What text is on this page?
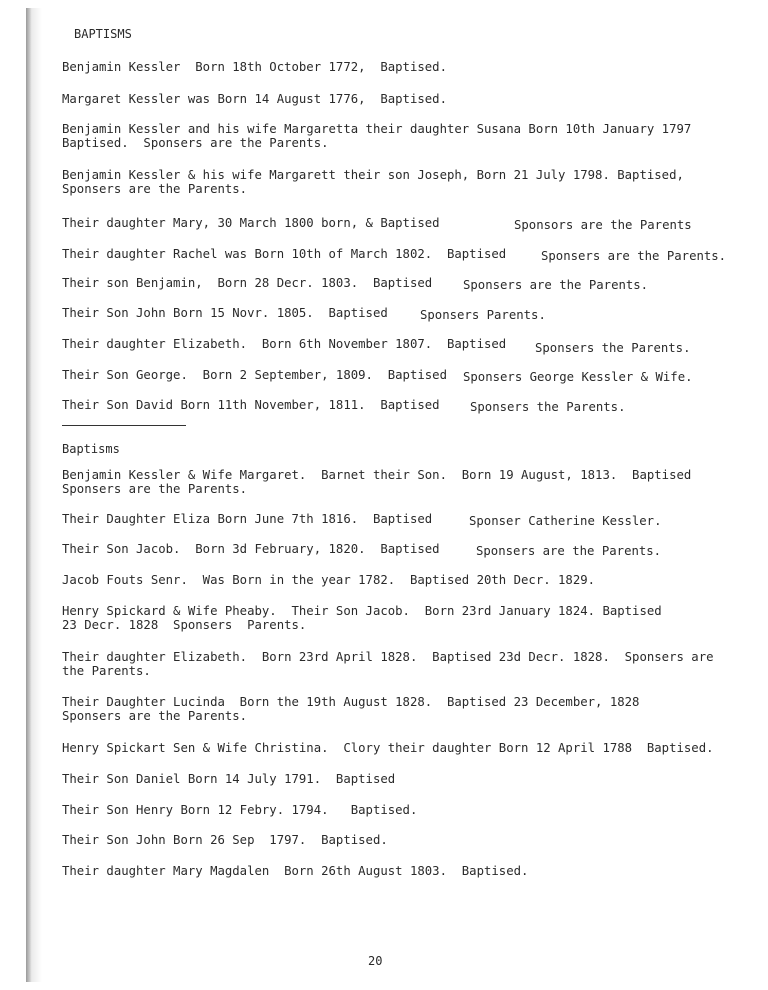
BAPTISMS
Benjamin Kessler  Born 18th October 1772,  Baptised.
Margaret Kessler was Born 14 August 1776,  Baptised.
Benjamin Kessler and his wife Margaretta their daughter Susana Born 10th January 1797
Baptised.  Sponsers are the Parents.
Benjamin Kessler & his wife Margarett their son Joseph, Born 21 July 1798. Baptised,
Sponsers are the Parents.
Their daughter Mary, 30 March 1800 born, & Baptised	Sponsors are the Parents
Their daughter Rachel was Born 10th of March 1802.  Baptised	Sponsers are the Parents.
Their son Benjamin,  Born 28 Decr. 1803.  Baptised	Sponsers are the Parents.
Their Son John Born 15 Novr. 1805.  Baptised	Sponsers Parents.
Their daughter Elizabeth.  Born 6th November 1807.  Baptised Sponsers the Parents.
Their Son George.  Born 2 September, 1809.  Baptised Sponsers George Kessler & Wife.
Their Son David Born 11th November, 1811.  Baptised Sponsers the Parents.
Baptisms
Benjamin Kessler & Wife Margaret.  Barnet their Son.  Born 19 August, 1813.  Baptised
Sponsers are the Parents.
Their Daughter Eliza Born June 7th 1816.  Baptised	Sponser Catherine Kessler.
Their Son Jacob.  Born 3d February, 1820.  Baptised	Sponsers are the Parents.
Jacob Fouts Senr.  Was Born in the year 1782.  Baptised 20th Decr. 1829.
Henry Spickard & Wife Pheaby.  Their Son Jacob.  Born 23rd January 1824. Baptised
23 Decr. 1828  Sponsers  Parents.
Their daughter Elizabeth.  Born 23rd April 1828.  Baptised 23d Decr. 1828.  Sponsers are
the Parents.
Their Daughter Lucinda  Born the 19th August 1828.  Baptised 23 December, 1828
Sponsers are the Parents.
Henry Spickart Sen & Wife Christina.  Clory their daughter Born 12 April 1788  Baptised.
Their Son Daniel Born 14 July 1791.  Baptised
Their Son Henry Born 12 Febry. 1794.   Baptised.
Their Son John Born 26 Sep  1797.  Baptised.
Their daughter Mary Magdalen  Born 26th August 1803.  Baptised.
20
